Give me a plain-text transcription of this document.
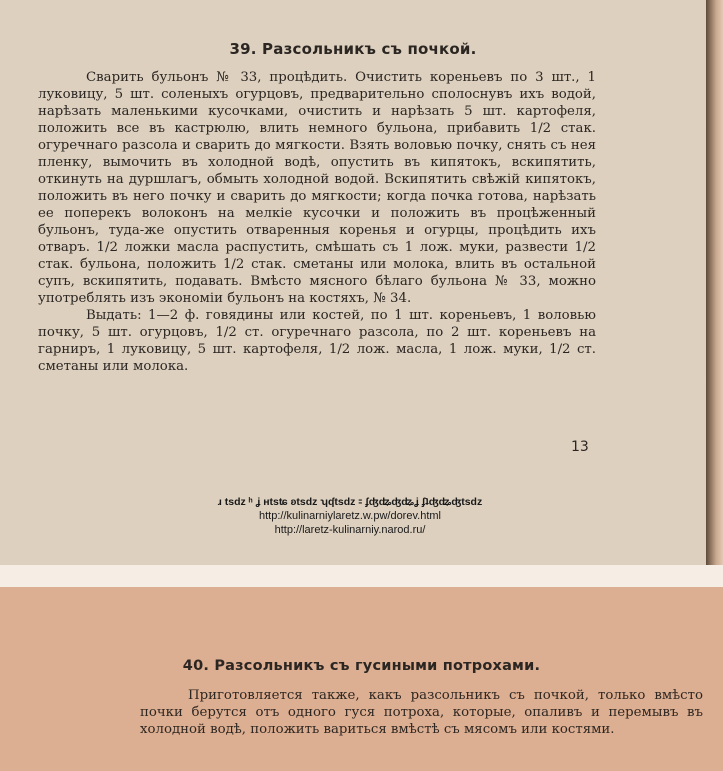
39. Разсольникъ съ почкой.

Сварить бульонъ № 33, процѣдить. Очистить кореньевъ по 3 шт., 1 луковицу, 5 шт. соленыхъ огурцовъ, предварительно сполоснувъ ихъ водой, нарѣзать маленькими кусочками, очистить и нарѣзать 5 шт. картофеля, положить все въ кастрюлю, влить немного бульона, прибавить 1/2 стак. огуречнаго разсола и сварить до мягкости. Взять воловью почку, снять съ нея пленку, вымочить въ холодной водѣ, опустить въ кипятокъ, вскипятить, откинуть на дуршлагъ, обмыть холодной водой. Вскипятить свѣжій кипятокъ, положить въ него почку и сварить до мягкости; когда почка готова, нарѣзать ее поперекъ волоконъ на мелкіе кусочки и положить въ процѣженный бульонъ, туда-же опустить отваренныя коренья и огурцы, процѣдить ихъ отваръ. 1/2 ложки масла распустить, смѣшать съ 1 лож. муки, развести 1/2 стак. бульона, положить 1/2 стак. сметаны или молока, влить въ остальной супъ, вскипятить, подавать. Вмѣсто мясного бѣлаго бульона № 33, можно употреблять изъ экономіи бульонъ на костяхъ, № 34.

Выдать: 1—2 ф. говядины или костей, по 1 шт. кореньевъ, 1 воловью почку, 5 шт. огурцовъ, 1/2 ст. огуречнаго разсола, по 2 шт. кореньевъ на гарниръ, 1 луковицу, 5 шт. картофеля, 1/2 лож. масла, 1 лож. муки, 1/2 ст. сметаны или молока.

13
ɹ tsdz ʰ ʝ ʜtsʨ ʚtsdz ʮʠtsdz ꞊ ʄʤʥʤʥʝ ʄʇʤʥʤtsdz
http://kulinarniylaretz.w.pw/dorev.html
http://laretz-kulinarniy.narod.ru/
40. Разсольникъ съ гусиными потрохами.

Приготовляется также, какъ разсольникъ съ почкой, только вмѣсто почки берутся отъ одного гуся потроха, которые, опаливъ и перемывъ въ холодной водѣ, положить вариться вмѣстѣ съ мясомъ или костями.
